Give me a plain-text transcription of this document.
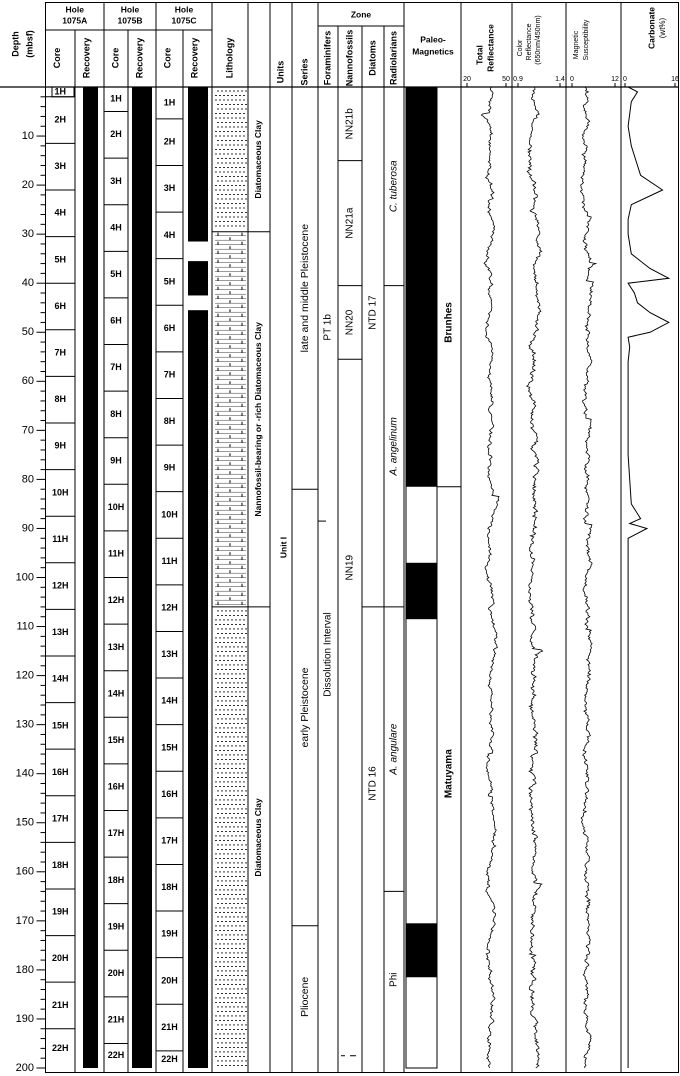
Depth (mbsf)
10
20
30
40
50
60
70
80
90
100
110
120
130
140
150
160
170
180
190
200
Hole
1075A
Core Recovery
1H
2H
3H
4H
5H
6H
7H
8H
9H
10H
11H
12H
13H
14H
15H
16H
17H
18H
19H
20H
21H
22H
Hole
1075B
Core Recovery
1H
2H
3H
4H
5H
6H
7H
8H
9H
10H
11H
12H
13H
14H
15H
16H
17H
18H
19H
20H
21H
22H
Hole
1075C
Core Recovery
1H
2H
3H
4H
5H
6H
7H
8H
9H
10H
11H
12H
13H
14H
15H
16H
17H
18H
19H
20H
21H
22H
Lithology
Diatomaceous Clay
Nannofossil-bearing or -rich Diatomaceous Clay
Diatomaceous Clay
Units
Unit I
Series
late and middle Pleistocene
early Pleistocene
Pliocene
Zone
Foraminifers Nannofossils Diatoms Radiolarians
PT 1b
Dissolution Interval
NN21b
NN21a
NN20
NN19
NTD 17
NTD 16
C. tuberosa
A. angelinum
A. angulare
Phi
Paleo-
Magnetics
Brunhes
Matuyama
Total Reflectance
20	50
Color Reflectance (650nm/450nm)
0.9	1.4
Magnetic Susceptibility
0	12
Carbonate (wt%)
0	16
